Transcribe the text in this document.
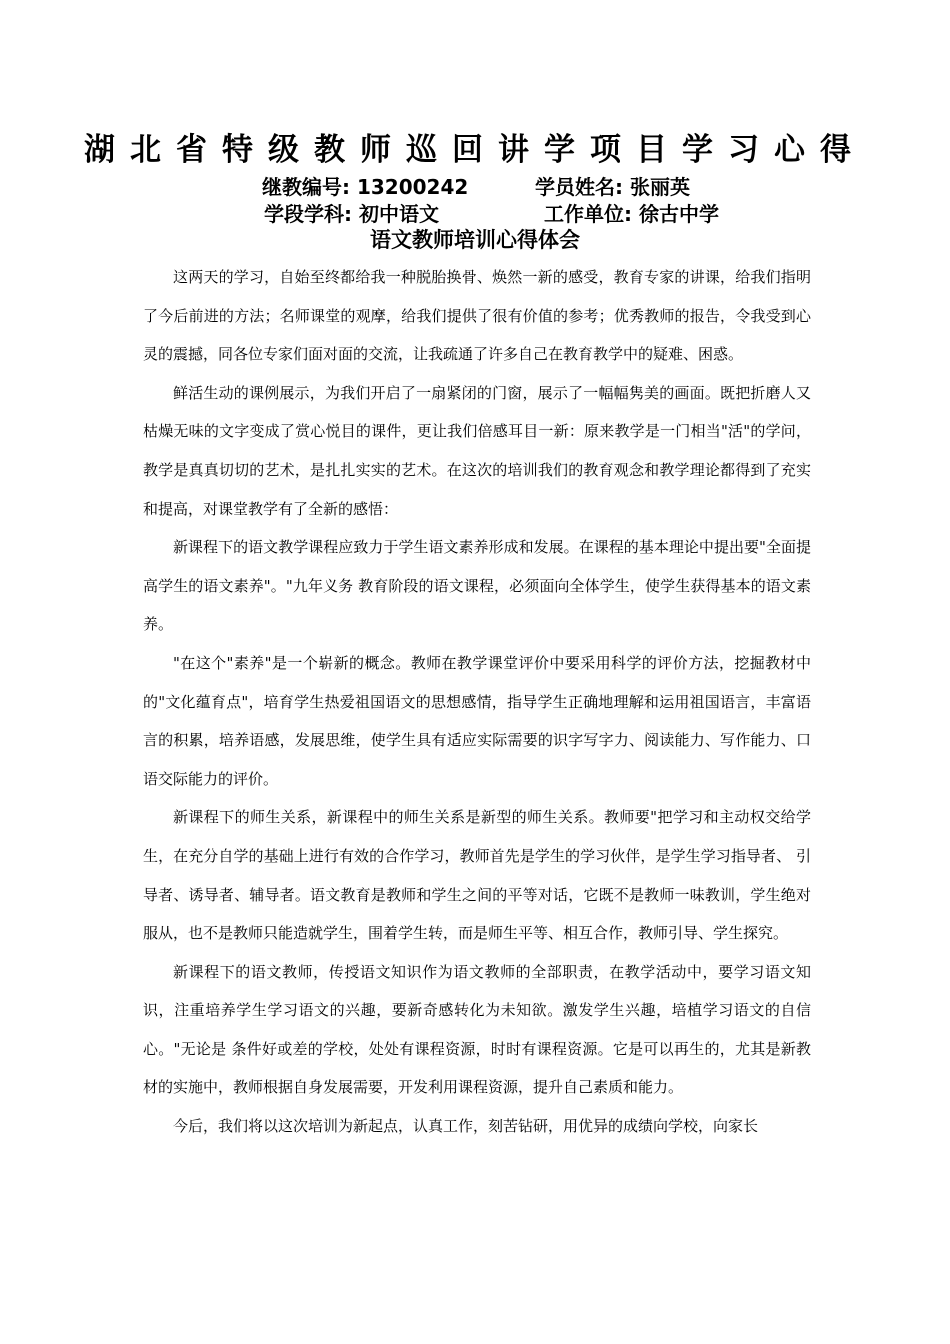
湖北省特级教师巡回讲学项目学习心得
继教编号: 13200242	学员姓名: 张丽英
学段学科: 初中语文	工作单位: 徐古中学
语文教师培训心得体会

这两天的学习，自始至终都给我一种脱胎换骨、焕然一新的感受，教育专家的讲课，给我们指明了今后前进的方法；名师课堂的观摩，给我们提供了很有价值的参考；优秀教师的报告，令我受到心灵的震撼，同各位专家们面对面的交流，让我疏通了许多自己在教育教学中的疑难、困惑。

鲜活生动的课例展示，为我们开启了一扇紧闭的门窗，展示了一幅幅隽美的画面。既把折磨人又枯燥无味的文字变成了赏心悦目的课件，更让我们倍感耳目一新：原来教学是一门相当"活"的学问，教学是真真切切的艺术，是扎扎实实的艺术。在这次的培训我们的教育观念和教学理论都得到了充实和提高，对课堂教学有了全新的感悟：

新课程下的语文教学课程应致力于学生语文素养形成和发展。在课程的基本理论中提出要"全面提高学生的语文素养"。"九年义务 教育阶段的语文课程，必须面向全体学生，使学生获得基本的语文素 养。

"在这个"素养"是一个崭新的概念。教师在教学课堂评价中要采用科学的评价方法，挖掘教材中的"文化蕴育点"，培育学生热爱祖国语文的思想感情，指导学生正确地理解和运用祖国语言，丰富语言的积累，培养语感，发展思维，使学生具有适应实际需要的识字写字力、阅读能力、写作能力、口语交际能力的评价。

新课程下的师生关系，新课程中的师生关系是新型的师生关系。教师要"把学习和主动权交给学生，在充分自学的基础上进行有效的合作学习，教师首先是学生的学习伙伴，是学生学习指导者、 引导者、诱导者、辅导者。语文教育是教师和学生之间的平等对话，它既不是教师一味教训，学生绝对服从，也不是教师只能造就学生，围着学生转，而是师生平等、相互合作，教师引导、学生探究。

新课程下的语文教师，传授语文知识作为语文教师的全部职责，在教学活动中，要学习语文知识，注重培养学生学习语文的兴趣，要新奇感转化为未知欲。激发学生兴趣，培植学习语文的自信心。"无论是 条件好或差的学校，处处有课程资源，时时有课程资源。它是可以再生的，尤其是新教材的实施中，教师根据自身发展需要，开发利用课程资源，提升自己素质和能力。

今后，我们将以这次培训为新起点，认真工作，刻苦钻研，用优异的成绩向学校，向家长
